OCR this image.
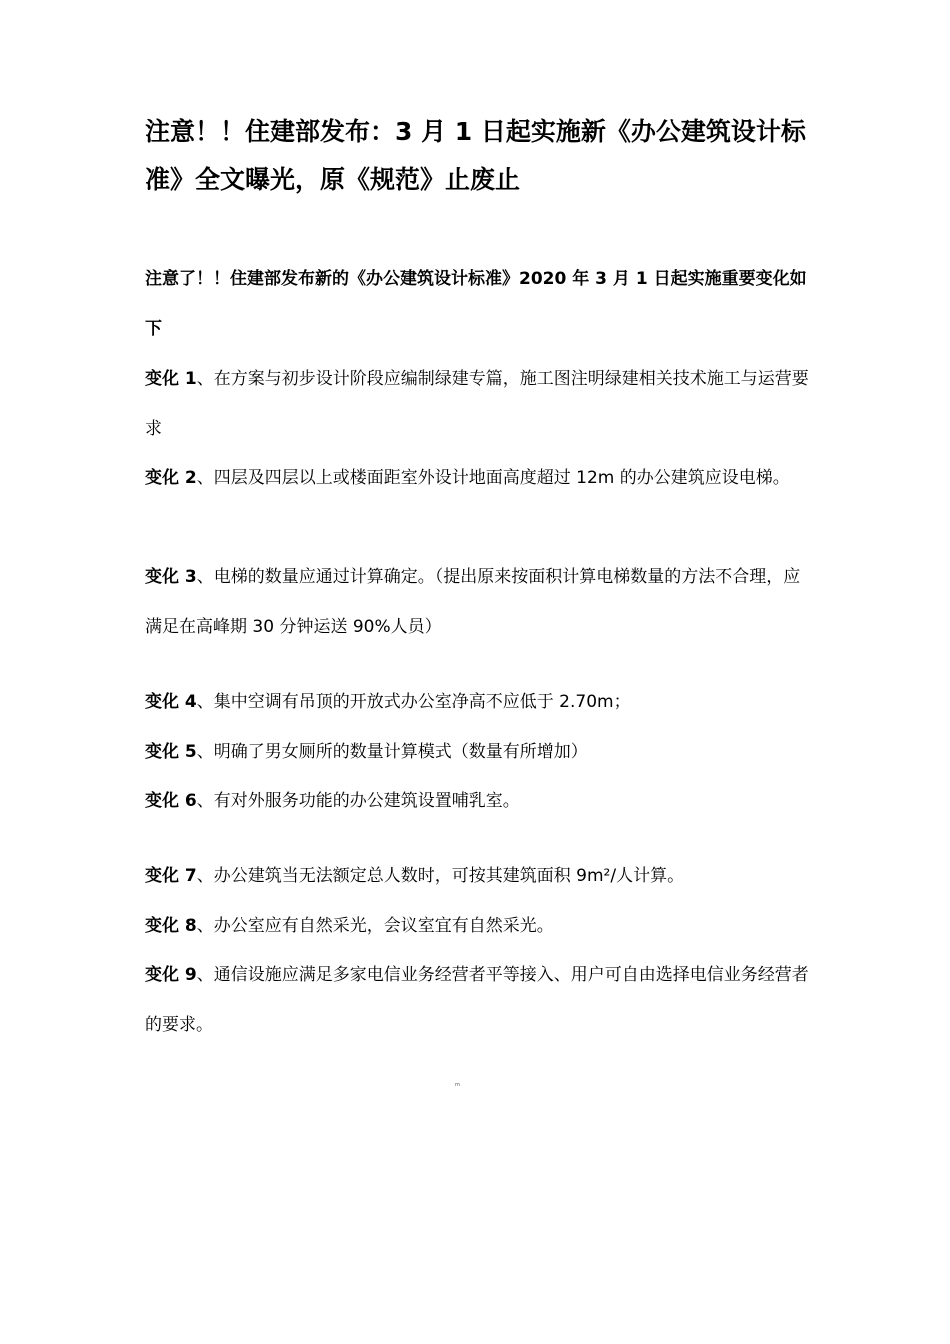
注意！！住建部发布：3 月 1 日起实施新《办公建筑设计标准》全文曝光，原《规范》止废止

注意了！！住建部发布新的《办公建筑设计标准》2020 年 3 月 1 日起实施重要变化如下

变化 1、在方案与初步设计阶段应编制绿建专篇，施工图注明绿建相关技术施工与运营要求

变化 2、四层及四层以上或楼面距室外设计地面高度超过 12m 的办公建筑应设电梯。

变化 3、电梯的数量应通过计算确定。（提出原来按面积计算电梯数量的方法不合理，应满足在高峰期 30 分钟运送 90%人员）

变化 4、集中空调有吊顶的开放式办公室净高不应低于 2.70m；

变化 5、明确了男女厕所的数量计算模式（数量有所增加）

变化 6、有对外服务功能的办公建筑设置哺乳室。

变化 7、办公建筑当无法额定总人数时，可按其建筑面积 9m²/人计算。

变化 8、办公室应有自然采光，会议室宜有自然采光。

变化 9、通信设施应满足多家电信业务经营者平等接入、用户可自由选择电信业务经营者的要求。

m
